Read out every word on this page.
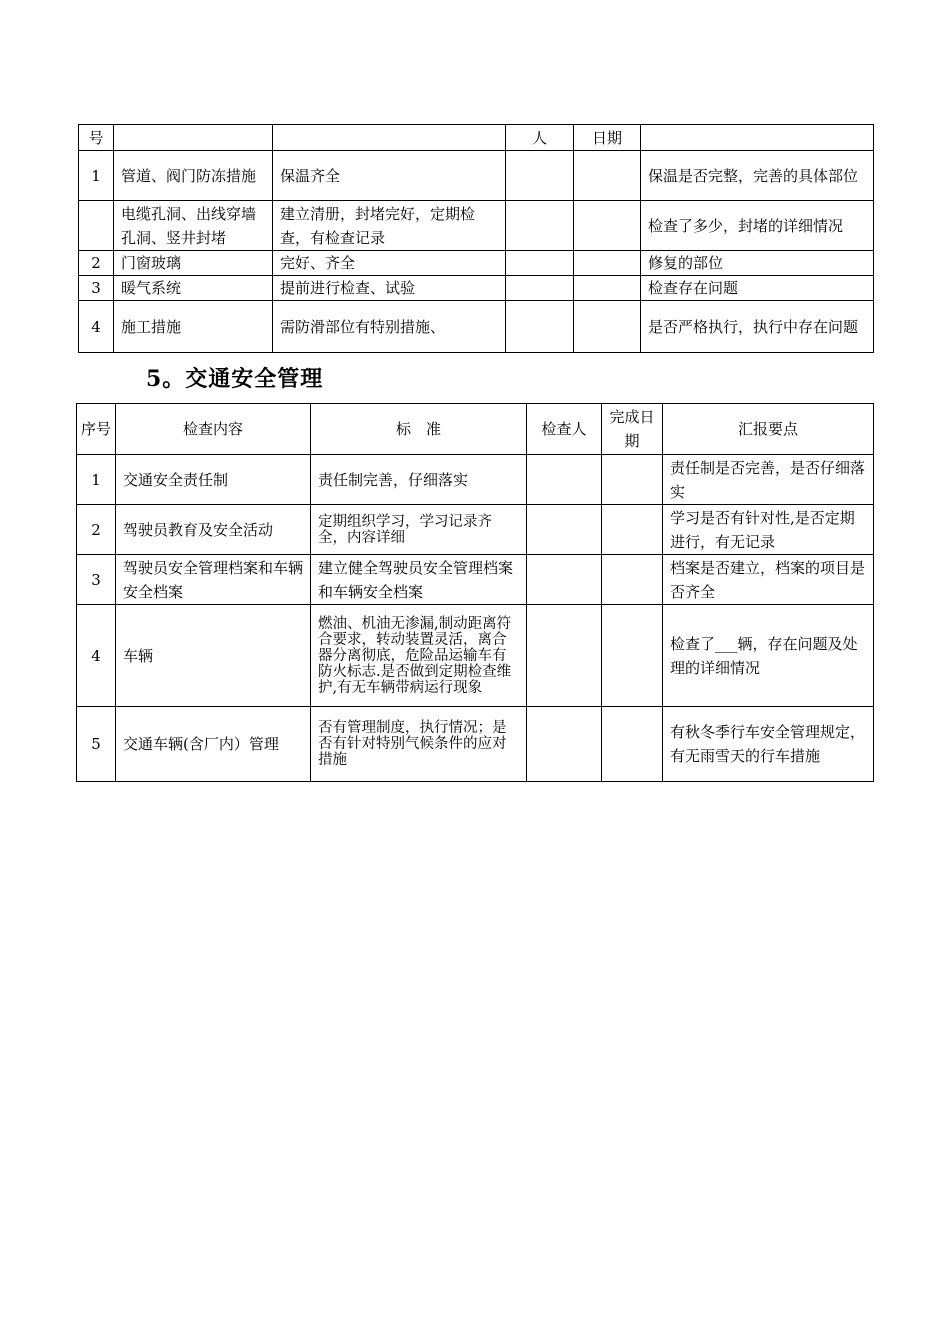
号			人	日期	
1	管道、阀门防冻措施	保温齐全			保温是否完整，完善的具体部位
	电缆孔洞、出线穿墙孔洞、竖井封堵	建立清册，封堵完好，定期检查，有检查记录			检查了多少，封堵的详细情况
2	门窗玻璃	完好、齐全			修复的部位
3	暖气系统	提前进行检查、试验			检查存在问题
4	施工措施	需防滑部位有特别措施、			是否严格执行，执行中存在问题
5。交通安全管理
序号	检查内容	标　准	检查人	完成日期	汇报要点
1	交通安全责任制	责任制完善，仔细落实			责任制是否完善，是否仔细落实
2	驾驶员教育及安全活动	定期组织学习，学习记录齐全，内容详细			学习是否有针对性,是否定期进行，有无记录
3	驾驶员安全管理档案和车辆安全档案	建立健全驾驶员安全管理档案和车辆安全档案			档案是否建立，档案的项目是否齐全
4	车辆	燃油、机油无渗漏,制动距离符合要求，转动装置灵活，离合器分离彻底，危险品运输车有防火标志.是否做到定期检查维护,有无车辆带病运行现象			检查了___辆，存在问题及处理的详细情况
5	交通车辆(含厂内）管理	否有管理制度，执行情况；是否有针对特别气候条件的应对措施			有秋冬季行车安全管理规定，有无雨雪天的行车措施
